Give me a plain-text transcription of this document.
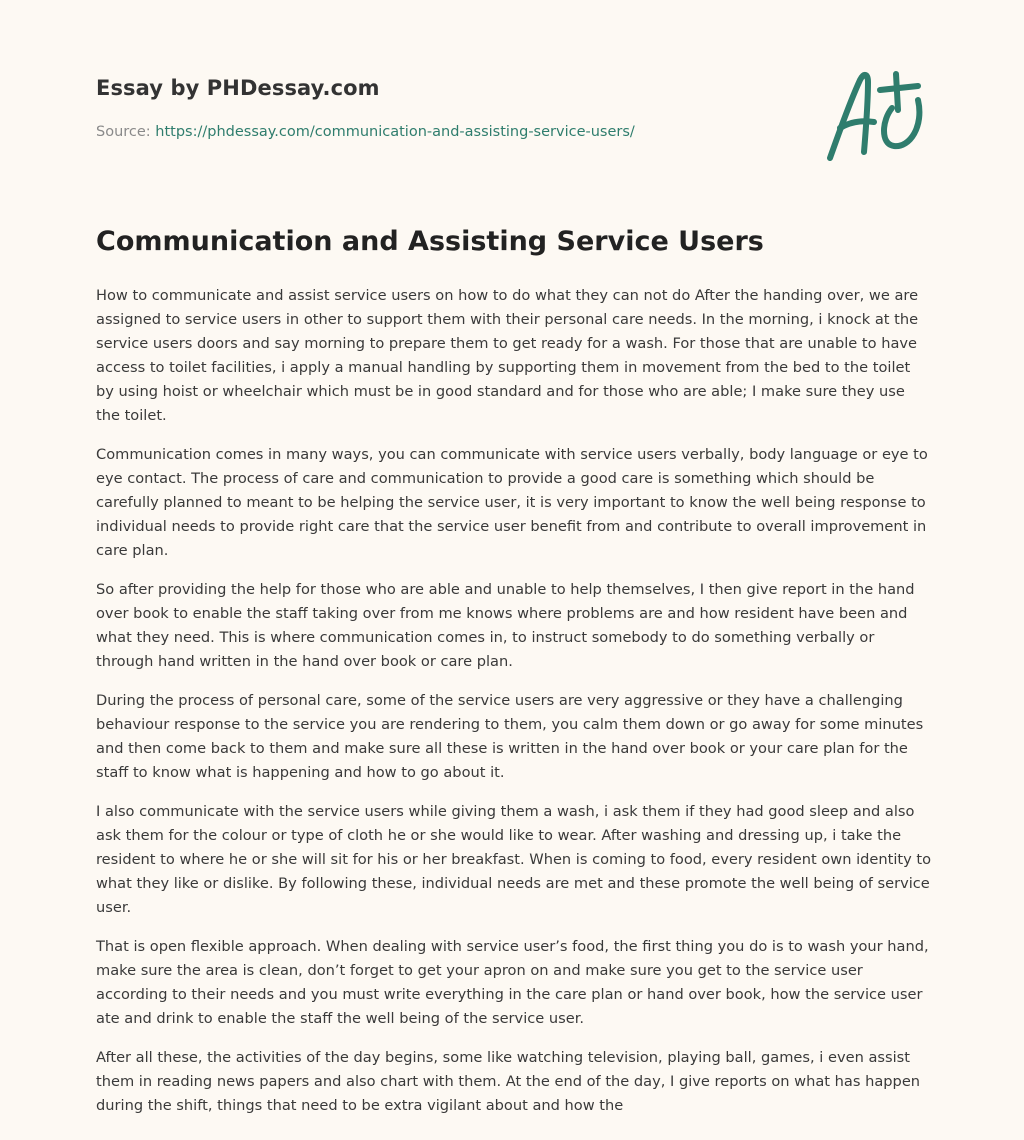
Essay by PHDessay.com
Source: https://phdessay.com/communication-and-assisting-service-users/
Communication and Assisting Service Users

How to communicate and assist service users on how to do what they can not do After the handing over, we are assigned to service users in other to support them with their personal care needs. In the morning, i knock at the service users doors and say morning to prepare them to get ready for a wash. For those that are unable to have access to toilet facilities, i apply a manual handling by supporting them in movement from the bed to the toilet by using hoist or wheelchair which must be in good standard and for those who are able; I make sure they use the toilet.

Communication comes in many ways, you can communicate with service users verbally, body language or eye to eye contact. The process of care and communication to provide a good care is something which should be carefully planned to meant to be helping the service user, it is very important to know the well being response to individual needs to provide right care that the service user benefit from and contribute to overall improvement in care plan.

So after providing the help for those who are able and unable to help themselves, I then give report in the hand over book to enable the staff taking over from me knows where problems are and how resident have been and what they need. This is where communication comes in, to instruct somebody to do something verbally or through hand written in the hand over book or care plan.

During the process of personal care, some of the service users are very aggressive or they have a challenging behaviour response to the service you are rendering to them, you calm them down or go away for some minutes and then come back to them and make sure all these is written in the hand over book or your care plan for the staff to know what is happening and how to go about it.

I also communicate with the service users while giving them a wash, i ask them if they had good sleep and also ask them for the colour or type of cloth he or she would like to wear. After washing and dressing up, i take the resident to where he or she will sit for his or her breakfast. When is coming to food, every resident own identity to what they like or dislike. By following these, individual needs are met and these promote the well being of service user.

That is open flexible approach. When dealing with service user’s food, the first thing you do is to wash your hand, make sure the area is clean, don’t forget to get your apron on and make sure you get to the service user according to their needs and you must write everything in the care plan or hand over book, how the service user ate and drink to enable the staff the well being of the service user.

After all these, the activities of the day begins, some like watching television, playing ball, games, i even assist them in reading news papers and also chart with them. At the end of the day, I give reports on what has happen during the shift, things that need to be extra vigilant about and how the
